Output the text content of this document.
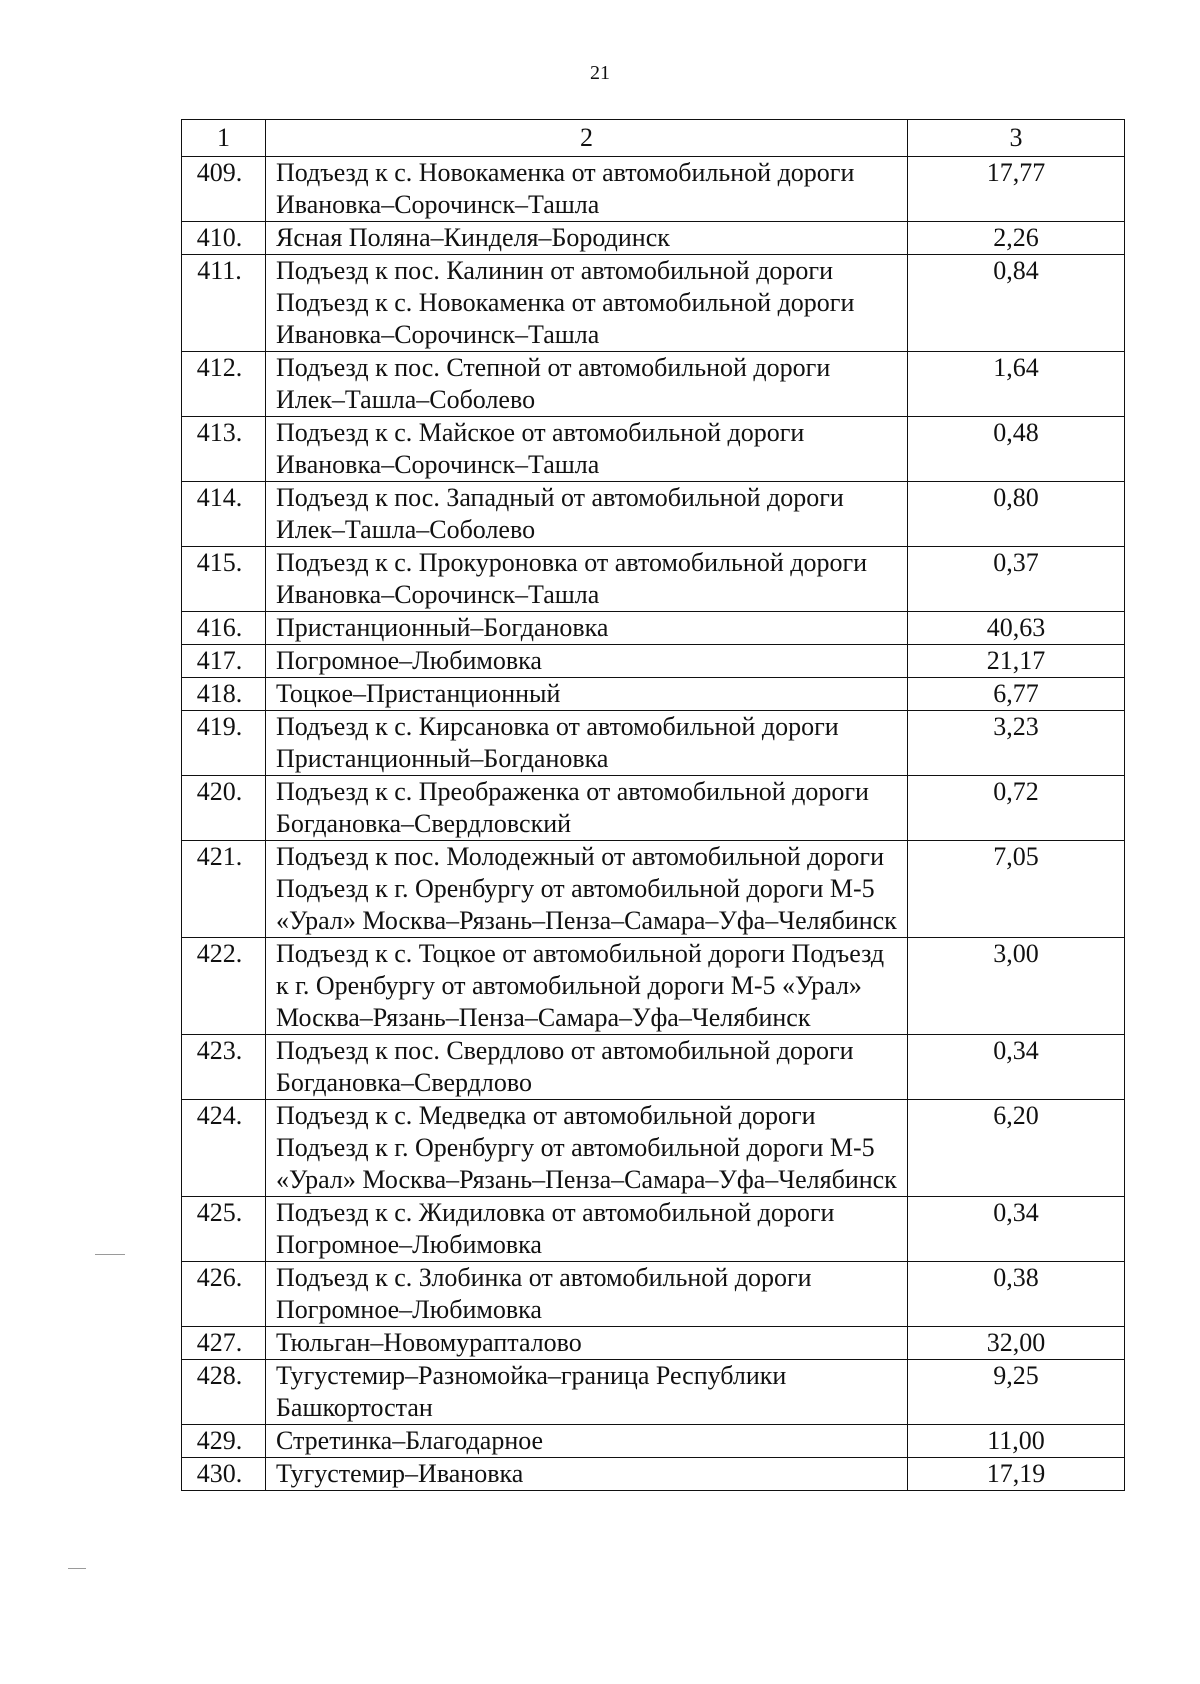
21
1	2	3
409.	Подъезд к с. Новокаменка от автомобильной дороги Ивановка–Сорочинск–Ташла	17,77
410.	Ясная Поляна–Кинделя–Бородинск	2,26
411.	Подъезд к пос. Калинин от автомобильной дороги Подъезд к с. Новокаменка от автомобильной дороги Ивановка–Сорочинск–Ташла	0,84
412.	Подъезд к пос. Степной от автомобильной дороги Илек–Ташла–Соболево	1,64
413.	Подъезд к с. Майское от автомобильной дороги Ивановка–Сорочинск–Ташла	0,48
414.	Подъезд к пос. Западный от автомобильной дороги Илек–Ташла–Соболево	0,80
415.	Подъезд к с. Прокуроновка от автомобильной дороги Ивановка–Сорочинск–Ташла	0,37
416.	Пристанционный–Богдановка	40,63
417.	Погромное–Любимовка	21,17
418.	Тоцкое–Пристанционный	6,77
419.	Подъезд к с. Кирсановка от автомобильной дороги Пристанционный–Богдановка	3,23
420.	Подъезд к с. Преображенка от автомобильной дороги Богдановка–Свердловский	0,72
421.	Подъезд к пос. Молодежный от автомобильной дороги Подъезд к г. Оренбургу от автомобильной дороги М-5 «Урал» Москва–Рязань–Пенза–Самара–Уфа–Челябинск	7,05
422.	Подъезд к с. Тоцкое от автомобильной дороги Подъезд к г. Оренбургу от автомобильной дороги М-5 «Урал» Москва–Рязань–Пенза–Самара–Уфа–Челябинск	3,00
423.	Подъезд к пос. Свердлово от автомобильной дороги Богдановка–Свердлово	0,34
424.	Подъезд к с. Медведка от автомобильной дороги Подъезд к г. Оренбургу от автомобильной дороги М-5 «Урал» Москва–Рязань–Пенза–Самара–Уфа–Челябинск	6,20
425.	Подъезд к с. Жидиловка от автомобильной дороги Погромное–Любимовка	0,34
426.	Подъезд к с. Злобинка от автомобильной дороги Погромное–Любимовка	0,38
427.	Тюльган–Новомурапталово	32,00
428.	Тугустемир–Разномойка–граница Республики Башкортостан	9,25
429.	Стретинка–Благодарное	11,00
430.	Тугустемир–Ивановка	17,19
